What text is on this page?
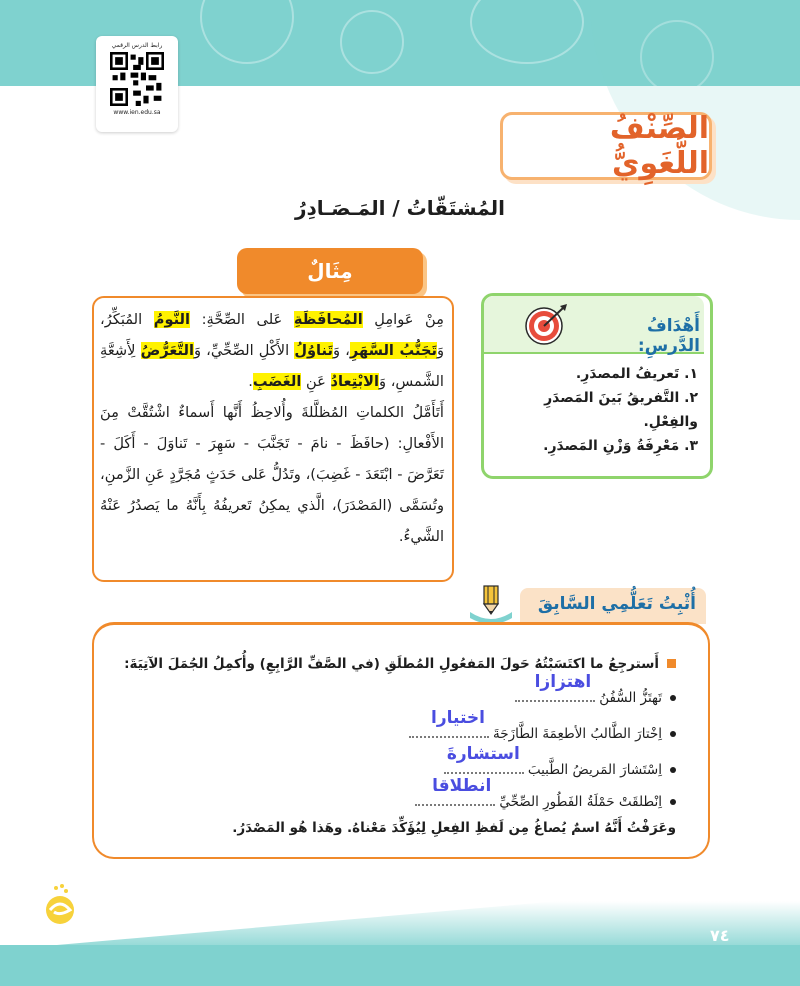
رابط الدرس الرقمي
www.ien.edu.sa	الصِّنْفُ اللُّغَوِيُّ
المُشتَقّاتُ / المَـصَـادِرُ
مِثَالٌ

مِنْ عَوامِلِ المُحافَظَةِ عَلى الصِّحَّةِ: النَّومُ المُبَكِّرُ، وَتَجَنُّبُ السَّهَرِ، وَتَناوُلُ الأَكْلِ الصِّحِّيِّ، وَالتَّعَرُّضُ لِأَشِعَّةِ الشَّمسِ، وَالابْتِعادُ عَنِ الغَضَبِ.

أَتَأَمَّلُ الكلماتِ المُظلَّلةَ وأُلاحِظُ أَنَّها أَسماءٌ اشْتُقَّتْ مِنَ الأَفْعالِ: (حافَظَ - نامَ - تَجَنَّبَ - سَهِرَ - تَناوَلَ - أَكَلَ - تَعَرَّضَ - ابْتَعَدَ - غَضِبَ)، وتَدُلُّ عَلى حَدَثٍ مُجَرَّدٍ عَنِ الزَّمنِ، وتُسَمَّى (المَصْدَرَ)، الَّذي يمكِنُ تَعريفُهُ بِأَنَّهُ ما يَصدُرُ عَنْهُ الشَّيءُ.

أَهْدَافُ الدَّرسِ:
١. تَعريفُ المصدَرِ.
٢. التَّفريقُ بَينَ المَصدَرِ والفِعْلِ.
٣. مَعْرِفَةُ وَزْنِ المَصدَرِ.
أُثْبِتُ تَعَلُّمِي السَّابِقَ
أَسترجِعُ ما اكتَسَبْتُهُ حَولَ المَفعُولِ المُطلَقِ (في الصَّفِّ الرَّابِعِ) وأُكمِلُ الجُمَلَ الآتِيَةَ:
تَهتَزُّ السُّفُنُ
اهتزازا
اِخْتارَ الطَّالبُ الأطعِمَةَ الطَّازَجَةَ
اختيارا
اِسْتَشارَ المَريضُ الطَّبيبَ
استشارةَ
اِنْطلقَتْ حَمْلَةُ الفَطُورِ الصِّحِّيِّ
انطلاقا
وعَرَفْتُ أَنَّهُ اسمٌ يُصاغُ مِن لَفظِ الفِعلِ لِيُؤَكِّدَ مَعْناهُ. وهَذا هُو المَصْدَرُ.
٧٤
